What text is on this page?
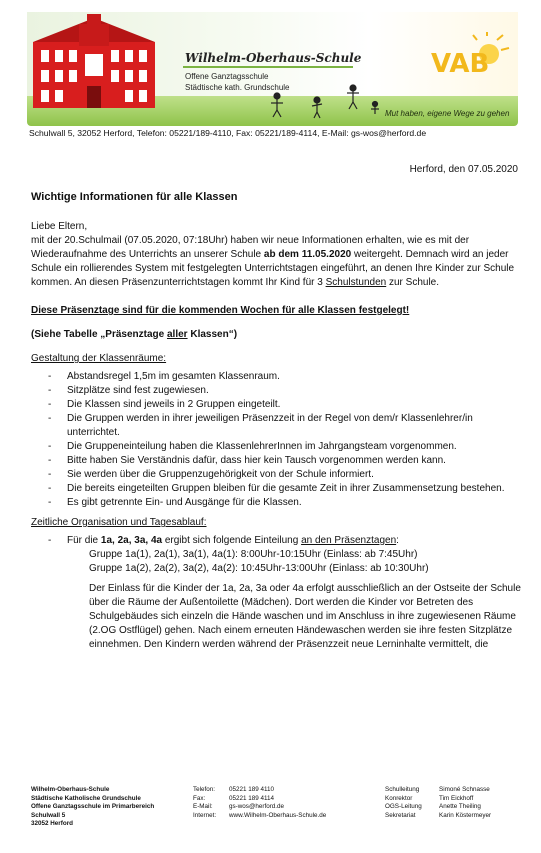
Wilhelm-Oberhaus-Schule
Offene Ganztagsschule
Städtische kath. Grundschule
VAB
Mut haben, eigene Wege zu gehen
Schulwall 5, 32052 Herford, Telefon: 05221/189-4110, Fax: 05221/189-4114, E-Mail: gs-wos@herford.de
Herford, den 07.05.2020

Wichtige Informationen für alle Klassen

Liebe Eltern,

mit der 20.Schulmail (07.05.2020, 07:18Uhr) haben wir neue Informationen erhalten, wie es mit der Wiederaufnahme des Unterrichts an unserer Schule ab dem 11.05.2020 weitergeht. Demnach wird an jeder Schule ein rollierendes System mit festgelegten Unterrichtstagen eingeführt, an denen Ihre Kinder zur Schule kommen. An diesen Präsenzunterrichtstagen kommt Ihr Kind für 3 Schulstunden zur Schule.

Diese Präsenztage sind für die kommenden Wochen für alle Klassen festgelegt!

(Siehe Tabelle „Präsenztage aller Klassen“)

Gestaltung der Klassenräume:

- Abstandsregel 1,5m im gesamten Klassenraum.
- Sitzplätze sind fest zugewiesen.
- Die Klassen sind jeweils in 2 Gruppen eingeteilt.
- Die Gruppen werden in ihrer jeweiligen Präsenzzeit in der Regel von dem/r Klassenlehrer/in unterrichtet.
- Die Gruppeneinteilung haben die KlassenlehrerInnen im Jahrgangsteam vorgenommen.
- Bitte haben Sie Verständnis dafür, dass hier kein Tausch vorgenommen werden kann.
- Sie werden über die Gruppenzugehörigkeit von der Schule informiert.
- Die bereits eingeteilten Gruppen bleiben für die gesamte Zeit in ihrer Zusammensetzung bestehen.
- Es gibt getrennte Ein- und Ausgänge für die Klassen.

Zeitliche Organisation und Tagesablauf:

- Für die 1a, 2a, 3a, 4a ergibt sich folgende Einteilung an den Präsenztagen:
Gruppe 1a(1), 2a(1), 3a(1), 4a(1): 8:00Uhr-10:15Uhr (Einlass: ab 7:45Uhr)
Gruppe 1a(2), 2a(2), 3a(2), 4a(2): 10:45Uhr-13:00Uhr (Einlass: ab 10:30Uhr)
Der Einlass für die Kinder der 1a, 2a, 3a oder 4a erfolgt ausschließlich an der Ostseite der Schule über die Räume der Außentoilette (Mädchen). Dort werden die Kinder vor Betreten des Schulgebäudes sich einzeln die Hände waschen und im Anschluss in ihre zugewiesenen Räume (2.OG Ostflügel) gehen. Nach einem erneuten Händewaschen werden sie ihre festen Sitzplätze einnehmen. Den Kindern werden während der Präsenzzeit neue Lerninhalte vermittelt, die
Wilhelm-Oberhaus-Schule
Städtische Katholische Grundschule
Offene Ganztagsschule im Primarbereich
Schulwall 5
32052 Herford
Telefon:
Fax:
E-Mail:
Internet:
05221 189 4110
05221 189 4114
gs-wos@herford.de
www.Wilhelm-Oberhaus-Schule.de
Schulleitung
Konrektor
OGS-Leitung
Sekretariat
Simoné Schnasse
Tim Eickhoff
Anette Theiling
Karin Köstermeyer
